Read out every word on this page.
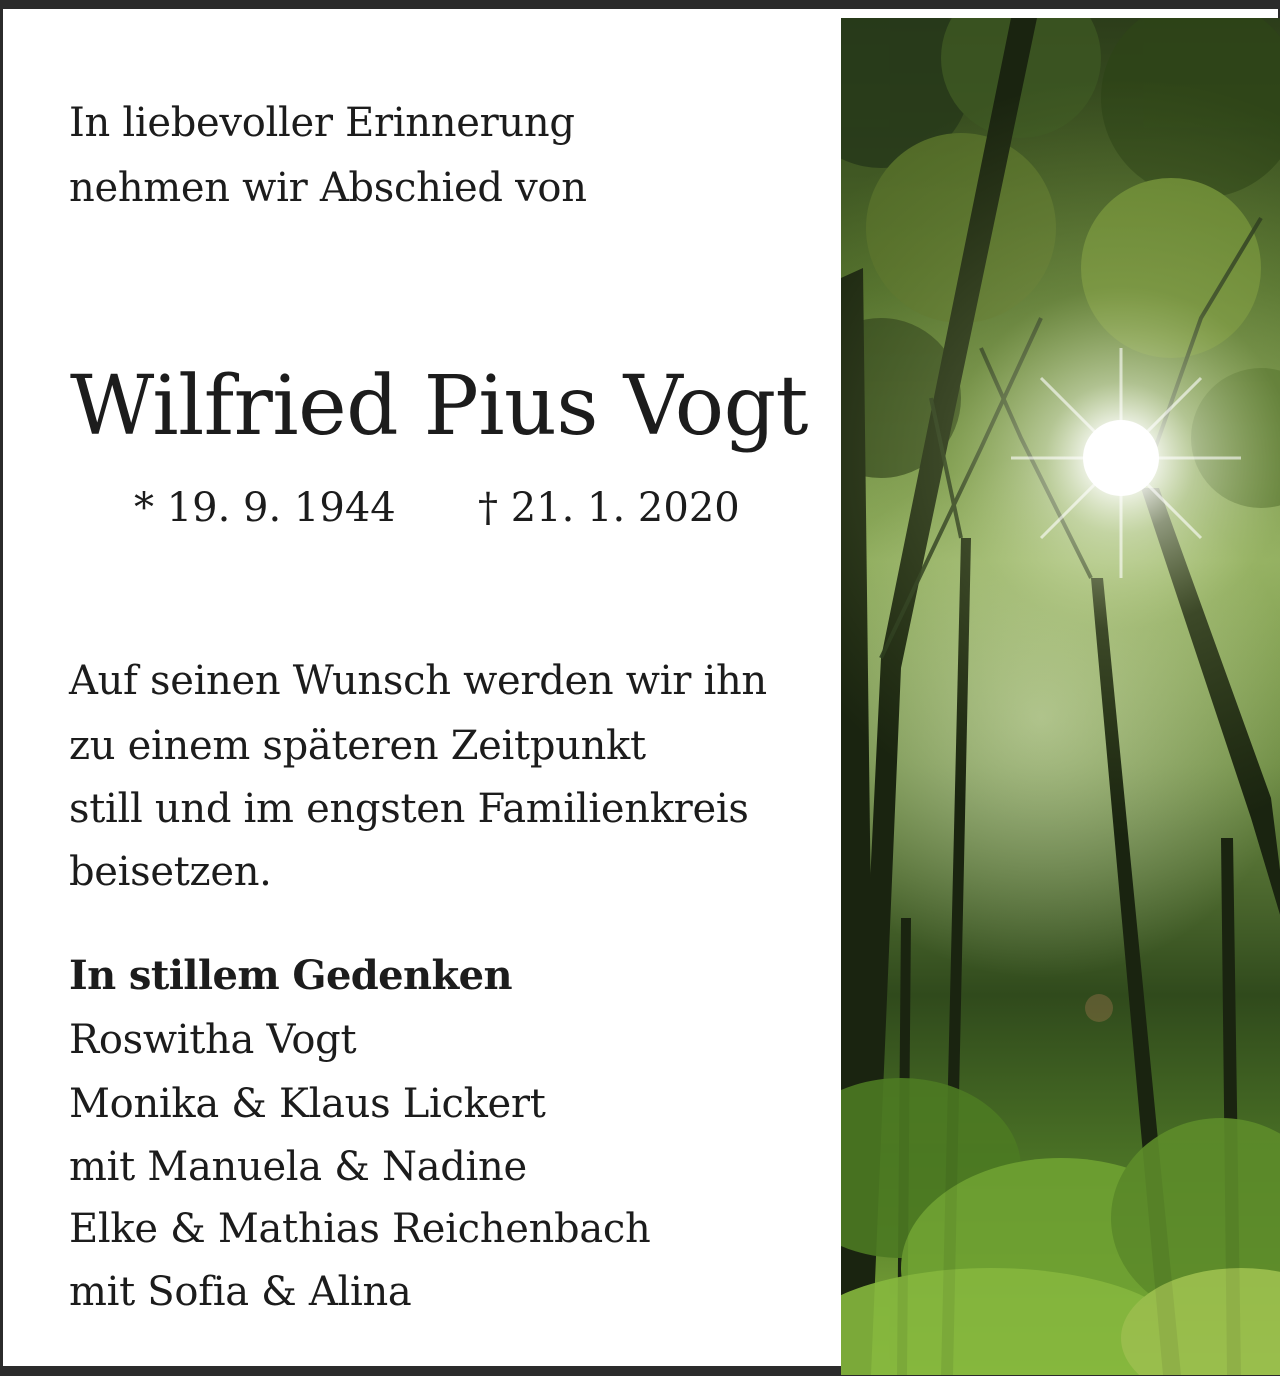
In liebevoller Erinnerung
nehmen wir Abschied von
Wilfried Pius Vogt
* 19. 9. 1944 † 21. 1. 2020
Auf seinen Wunsch werden wir ihn
zu einem späteren Zeitpunkt
still und im engsten Familienkreis
beisetzen.
In stillem Gedenken
Roswitha Vogt
Monika & Klaus Lickert
mit Manuela & Nadine
Elke & Mathias Reichenbach
mit Sofia & Alina
